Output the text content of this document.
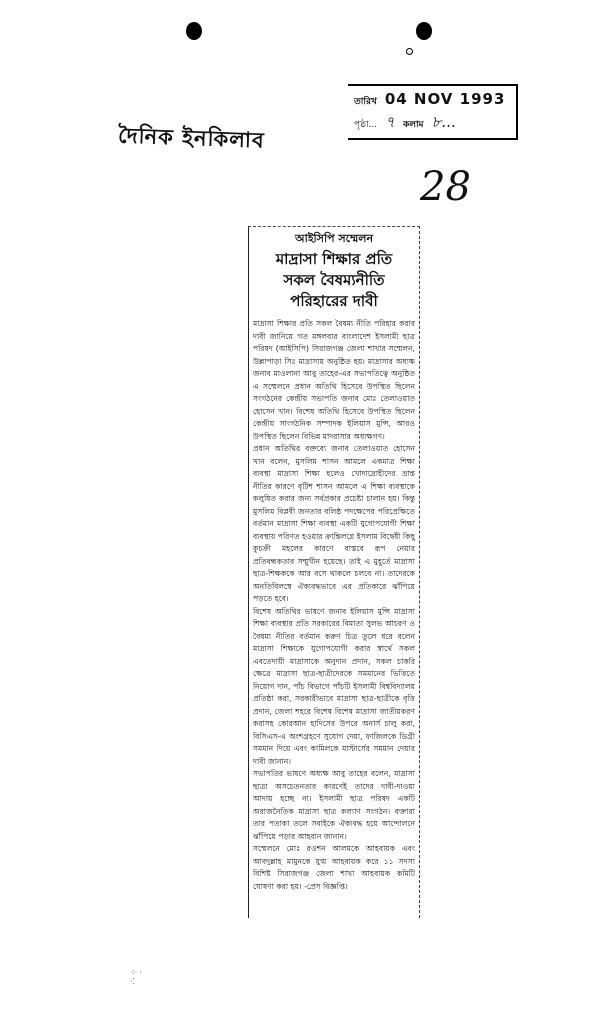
দৈনিক ইনকিলাব
তারিখ 04 NOV 1993
পৃষ্ঠা... ৭ কলাম ৮...
28
আইসিপি সম্মেলন
মাদ্রাসা শিক্ষার প্রতি
সকল বৈষম্যনীতি
পরিহারের দাবী

মাদ্রাসা শিক্ষার প্রতি সকল বৈষম্য নীতি পরিহার করার দাবী জানিয়ে গত মঙ্গলবার বাংলাদেশ ইসলামী ছাত্র পরিষদ (আইসিপি) সিরাজগঞ্জ জেলা শাখার সম্মেলন, উল্লাপাড়া সিঃ মাদ্রাসায় অনুষ্ঠিত হয়। মাদ্রাসার অধ্যক্ষ জনাব মাওলানা আবু তাহের-এর সভাপতিত্বে অনুষ্ঠিত এ সম্মেলনে প্রধান অতিথি হিসেবে উপস্থিত ছিলেন সংগঠনের কেন্দ্রীয় সভাপতি জনাব মোঃ তেলাওয়াত হোসেন খান। বিশেষ অতিথি হিসেবে উপস্থিত ছিলেন কেন্দ্রীয় সাংগঠনিক সম্পাদক ইলিয়াস মুন্সি, আরও উপস্থিত ছিলেন বিভিন্ন মাদরাসার অধ্যক্ষগণ।

প্রধান অতিথির বক্তব্যে জনাব তেলাওয়াত হোসেন খান বলেন, মুসলিম শাসন আমলে একমাত্র শিক্ষা ব্যবস্থা মাদ্রাসা শিক্ষা হলেও খোদাদ্রোহীদের ভ্রান্ত নীতির কারণে বৃটিশ শাসন আমলে এ শিক্ষা ব্যবস্থাকে কলুষিত করার জন্য সর্বপ্রকার প্রচেষ্টা চালান হয়। কিন্তু মুসলিম বিপ্লবী জনতার বলিষ্ঠ পদক্ষেপের পরিপ্রেক্ষিতে বর্তমান মাদ্রাসা শিক্ষা ব্যবস্থা একটি যুগোপযোগী শিক্ষা ব্যবস্থায় পরিণত হওয়ার ক্রান্তিলগ্নে ইসলাম বিদ্বেষী কিছু কুচক্রী মহলের কারণে বাস্তবে রূপ নেয়ার প্রতিবন্ধকতার সম্মুখীন হয়েছে। তাই এ মুহূর্তে মাদ্রাসা ছাত্র-শিক্ষককে আর বসে থাকলে চলবে না। তাদেরকে অনতিবিলম্বে ঐক্যবদ্ধভাবে এর প্রতিকারে ঝাঁপিয়ে পড়তে হবে।

বিশেষ অতিথির ভাষণে জনাব ইলিয়াস মুন্সি মাদ্রাসা শিক্ষা ব্যবস্থার প্রতি সরকারের বিমাতা সুলভ আচরণ ও বৈষম্য নীতির বর্তমান করুণ চিত্র তুলে ধরে বলেন মাদ্রাসা শিক্ষাকে যুগোপযোগী করার স্বার্থে সকল এবতেদায়ী মাদ্রাসাকে অনুদান প্রদান, সকল চাকরি ক্ষেত্রে মাদ্রাসা ছাত্র-ছাত্রীদেরকে সমমানের ভিত্তিতে নিয়োগ দান, পাঁচ বিভাগে পাঁচটি ইসলামী বিশ্ববিদ্যালয় প্রতিষ্ঠা করা, সরকারীভাবে মাদ্রাসা ছাত্র-ছাত্রীকে বৃত্তি প্রদান, জেলা শহরে বিশেষ বিশেষ মাদ্রাসা জাতীয়করণ করাসহ কোরআন হাদিসের উপরে অনার্স চালু করা, বিসিএস-এ অংশগ্রহণে সুযোগ দেয়া, ফাজিলকে ডিগ্রী সমমান দিয়ে এবং কামিলকে মাস্টার্সের সমমান দেয়ার দাবী জানান।

সভাপতির ভাষণে অধ্যক্ষ আবু তাহের বলেন, মাদ্রাসা ছাত্রা অসচেতনতার কারণেই তাদের দাবী-দাওয়া আদায় হচ্ছে না। ইসলামী ছাত্র পরিষদ একটি অরাজনৈতিক মাদ্রাসা ছাত্র কল্যাণ সংগঠন। বক্তারা তার পতাকা তলে সবাইকে ঐক্যবদ্ধ হয়ে আন্দোলনে ঝাঁপিয়ে পড়ার আহবান জানান।

সম্মেলনে মোঃ রওশন আলমকে আহবায়ক এবং আবদুল্লাহ মামুনকে যুগ্ম আহবায়ক করে ১১ সদস্য বিশিষ্ট সিরাজগঞ্জ জেলা শাখা আহবায়ক কমিটি ঘোষণা করা হয়। -প্রেস বিজ্ঞপ্তি।

⁘ ·
·⁚
